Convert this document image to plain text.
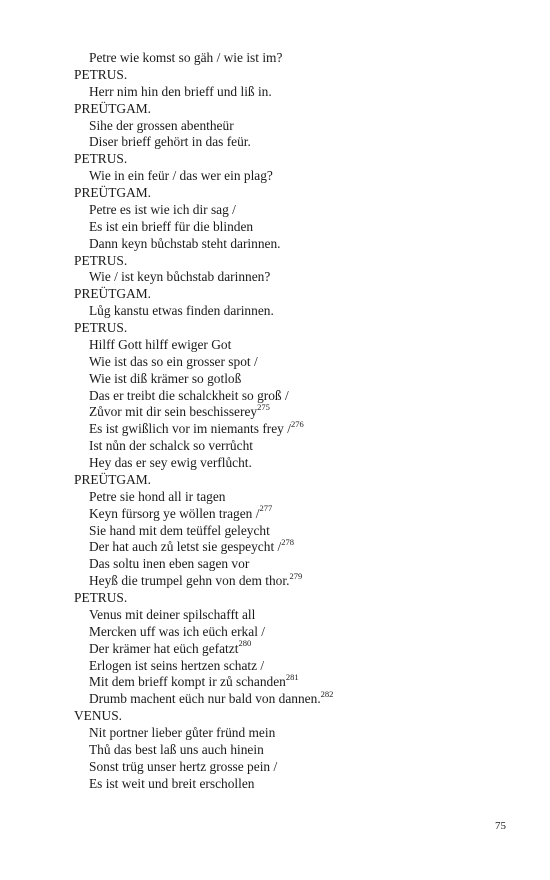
Petre wie komst so gäh / wie ist im?
PETRUS.
Herr nim hin den brieff und liß in.
PREÜTGAM.
Sihe der grossen abentheür
Diser brieff gehört in das feür.
PETRUS.
Wie in ein feür / das wer ein plag?
PREÜTGAM.
Petre es ist wie ich dir sag /
Es ist ein brieff für die blinden
Dann keyn bůchstab steht darinnen.
PETRUS.
Wie / ist keyn bůchstab darinnen?
PREÜTGAM.
Lůg kanstu etwas finden darinnen.
PETRUS.
Hilff Gott hilff ewiger Got
Wie ist das so ein grosser spot /
Wie ist diß krämer so gotloß
Das er treibt die schalckheit so groß /
Zůvor mit dir sein beschisserey$^{275}$
Es ist gwißlich vor im niemants frey /$^{276}$
Ist nůn der schalck so verrůcht
Hey das er sey ewig verflůcht.
PREÜTGAM.
Petre sie hond all ir tagen
Keyn fürsorg ye wöllen tragen /$^{277}$
Sie hand mit dem teüffel geleycht
Der hat auch zů letst sie gespeycht /$^{278}$
Das soltu inen eben sagen vor
Heyß die trumpel gehn von dem thor.$^{279}$
PETRUS.
Venus mit deiner spilschafft all
Mercken uff was ich eüch erkal /
Der krämer hat eüch gefatzt$^{280}$
Erlogen ist seins hertzen schatz /
Mit dem brieff kompt ir zů schanden$^{281}$
Drumb machent eüch nur bald von dannen.$^{282}$
VENUS.
Nit portner lieber gůter fründ mein
Thů das best laß uns auch hinein
Sonst trüg unser hertz grosse pein /
Es ist weit und breit erschollen
75
